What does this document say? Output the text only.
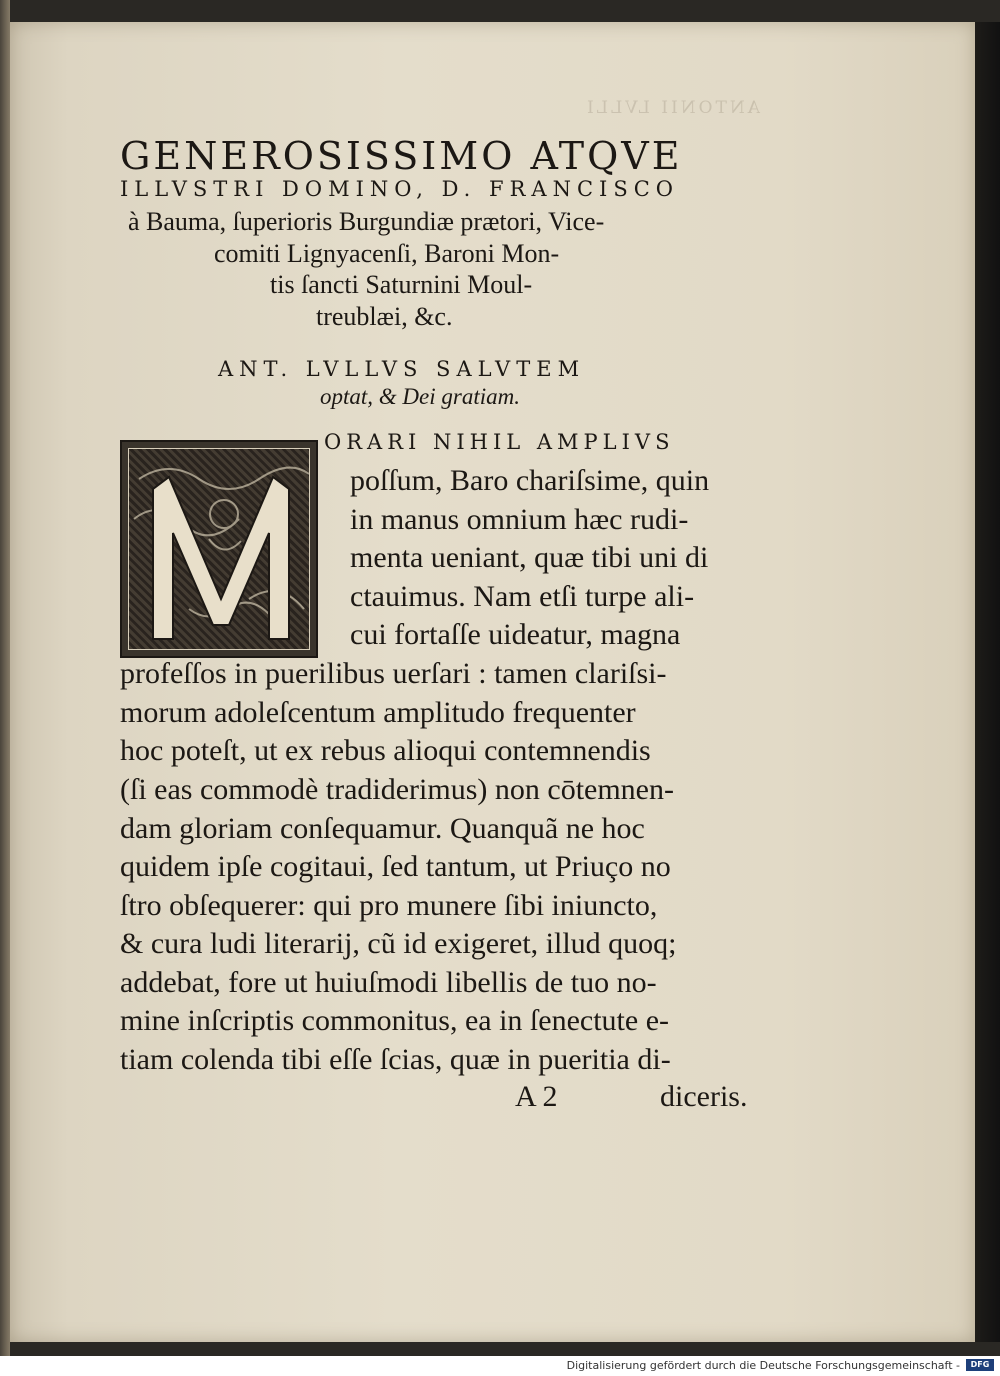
ANTONII LVLLI
GENEROSISSIMO ATQVE
ILLVSTRI DOMINO, D. FRANCISCO
à Bauma, ſuperioris Burgundiæ prætori, Vice-
comiti Lignyacenſi, Baroni Mon-
tis ſancti Saturnini Moul-
treublæi, &c.
ANT. LVLLVS SALVTEM
optat, & Dei gratiam.
ORARI NIHIL AMPLIVS
poſſum, Baro chariſsime, quin
in manus omnium hæc rudi-
menta ueniant, quæ tibi uni di
ctauimus. Nam etſi turpe ali-
cui fortaſſe uideatur, magna
profeſſos in puerilibus uerſari : tamen clariſsi-
morum adoleſcentum amplitudo frequenter
hoc poteſt, ut ex rebus alioqui contemnendis
(ſi eas commodè tradiderimus) non cōtemnen-
dam gloriam conſequamur. Quanquã ne hoc
quidem ipſe cogitaui, ſed tantum, ut Priuço no
ſtro obſequerer: qui pro munere ſibi iniuncto,
& cura ludi literarij, cũ id exigeret, illud quoq;
addebat, fore ut huiuſmodi libellis de tuo no-
mine inſcriptis commonitus, ea in ſenectute e-
tiam colenda tibi eſſe ſcias, quæ in pueritia di-
A 2	diceris.
Digitalisierung gefördert durch die Deutsche Forschungsgemeinschaft -	DFG
